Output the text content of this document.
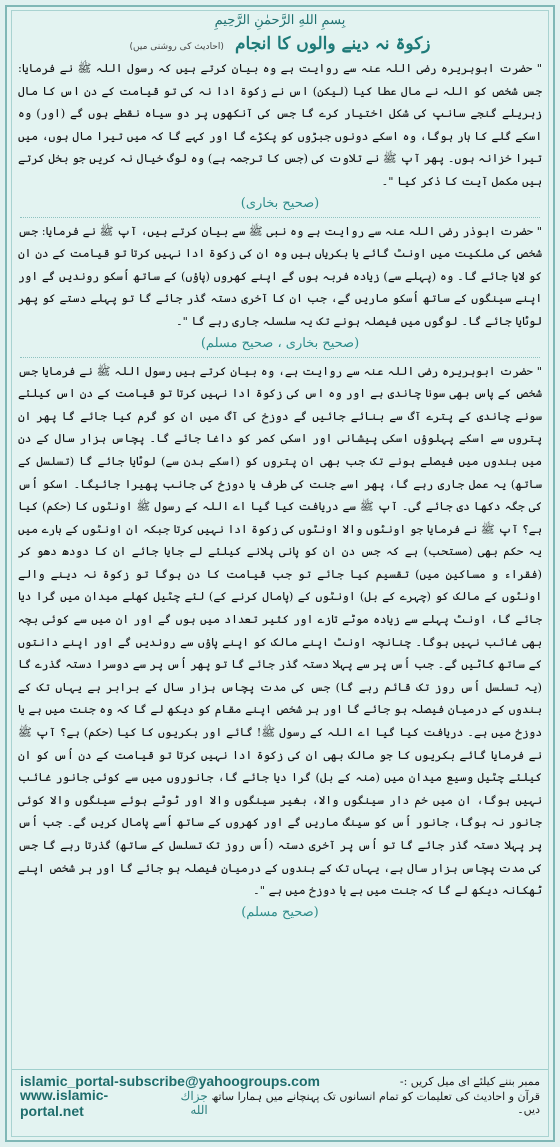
بِسمِ اللهِ الرَّحمٰنِ الرَّحِيمِ
زکوۃ نہ دینے والوں کا انجام (احادیث کی روشنی میں)
" حضرت ابوہریرہ رضی اللہ عنہ سے روایت ہے وہ بیان کرتے ہیں کہ رسول اللہ ﷺ نے فرمایا: جس شخص کو اللہ نے مال عطا کیا (لیکن) اس نے زکوۃ ادا نہ کی تو قیامت کے دن اس کا مال زہریلے گنجے سانپ کی شکل اختیار کرے گا جس کی آنکھوں پر دو سیاہ نقطے ہوں گے (اور) وہ اسکے گلے کا ہار ہوگا، وہ اسکے دونوں جبڑوں کو پکڑے گا اور کہے گا کہ میں تیرا مال ہوں، میں تیرا خزانہ ہوں۔ پھر آپ ﷺ نے تلاوت کی (جس کا ترجمہ ہے) وہ لوگ خیال نہ کریں جو بخل کرتے ہیں مکمل آیت کا ذکر کیا "۔
(صحیح بخاری)
" حضرت ابوذر رضی اللہ عنہ سے روایت ہے وہ نبی ﷺ سے بیان کرتے ہیں، آپ ﷺ نے فرمایا: جس شخص کی ملکیت میں اونٹ گائے یا بکریاں ہیں وہ ان کی زکوۃ ادا نہیں کرتا تو قیامت کے دن ان کو لایا جائے گا۔ وہ (پہلے سے) زیادہ فربہ ہوں گے اپنے کھروں (پاؤں) کے ساتھ اُسکو روندیں گے اور اپنے سینگوں کے ساتھ اُسکو ماریں گے، جب ان کا آخری دستہ گذر جائے گا تو پہلے دستے کو پھر لوٹایا جائے گا۔ لوگوں میں فیصلہ ہونے تک یہ سلسلہ جاری رہے گا "۔
(صحیح بخاری ، صحیح مسلم)
" حضرت ابوہریرہ رضی اللہ عنہ سے روایت ہے، وہ بیان کرتے ہیں رسول اللہ ﷺ نے فرمایا جس شخص کے پاس بھی سونا چاندی ہے اور وہ اس کی زکوۃ ادا نہیں کرتا تو قیامت کے دن اس کیلئے سونے چاندی کے پترے آگ سے بنائے جائیں گے دوزخ کی آگ میں ان کو گرم کیا جائے گا پھر ان پتروں سے اسکے پہلوؤں اسکی پیشانی اور اسکی کمر کو داغا جائے گا۔ پچاس ہزار سال کے دن میں بندوں میں فیصلے ہونے تک جب بھی ان پتروں کو (اسکے بدن سے) لوٹایا جائے گا (تسلسل کے ساتھ) یہ عمل جاری رہے گا، پھر اسے جنت کی طرف یا دوزخ کی جانب پھیرا جائیگا۔ اسکو اُس کی جگہ دکھا دی جائے گی۔ آپ ﷺ سے دریافت کیا گیا اے اللہ کے رسول ﷺ اونٹوں کا (حکم) کیا ہے؟ آپ ﷺ نے فرمایا جو اونٹوں والا اونٹوں کی زکوۃ ادا نہیں کرتا جبکہ ان اونٹوں کے بارے میں یہ حکم بھی (مستحب) ہے کہ جس دن ان کو پانی پلانے کیلئے لے جایا جائے ان کا دودھ دھو کر (فقراء و مساکین میں) تقسیم کیا جائے تو جب قیامت کا دن ہوگا تو زکوۃ نہ دینے والے اونٹوں کے مالک کو (چہرے کے بل) اونٹوں کے (پامال کرنے کے) لئے چٹیل کھلے میدان میں گرا دیا جائے گا، اونٹ پہلے سے زیادہ موٹے تازے اور کثیر تعداد میں ہوں گے اور ان میں سے کوئی بچہ بھی غائب نہیں ہوگا۔ چنانچہ اونٹ اپنے مالک کو اپنے پاؤں سے روندیں گے اور اپنے دانتوں کے ساتھ کاٹیں گے۔ جب اُس پر سے پہلا دستہ گذر جائے گا تو پھر اُس پر سے دوسرا دستہ گذرے گا (یہ تسلسل اُس روز تک قائم رہے گا) جس کی مدت پچاس ہزار سال کے برابر ہے یہاں تک کے بندوں کے درمیان فیصلہ ہو جائے گا اور ہر شخص اپنے مقام کو دیکھ لے گا کہ وہ جنت میں ہے یا دوزخ میں ہے۔ دریافت کیا گیا اے اللہ کے رسول ﷺ! گائے اور بکریوں کا کیا (حکم) ہے؟ آپ ﷺ نے فرمایا گائے بکریوں کا جو مالک بھی ان کی زکوۃ ادا نہیں کرتا تو قیامت کے دن اُس کو ان کیلئے چٹیل وسیع میدان میں (منہ کے بل) گرا دیا جائے گا، جانوروں میں سے کوئی جانور غائب نہیں ہوگا، ان میں خم دار سینگوں والا، بغیر سینگوں والا اور ٹوٹے ہوئے سینگوں والا کوئی جانور نہ ہوگا، جانور اُس کو سینگ ماریں گے اور کھروں کے ساتھ اُسے پامال کریں گے۔ جب اُس پر پہلا دستہ گذر جائے گا تو اُس پر آخری دستہ (اُس روز تک تسلسل کے ساتھ) گذرتا رہے گا جس کی مدت پچاس ہزار سال ہے، یہاں تک کے بندوں کے درمیان فیصلہ ہو جائے گا اور ہر شخص اپنے ٹھکانہ دیکھ لے گا کہ جنت میں ہے یا دوزخ میں ہے "۔
(صحیح مسلم)
ممبر بننے کیلئے ای میل کریں :-
islamic_portal-subscribe@yahoogroups.com
قرآن و احادیث کی تعلیمات کو تمام انسانوں تک پہنچانے میں ہمارا ساتھ دیں۔
جزاك الله
www.islamic-portal.net
